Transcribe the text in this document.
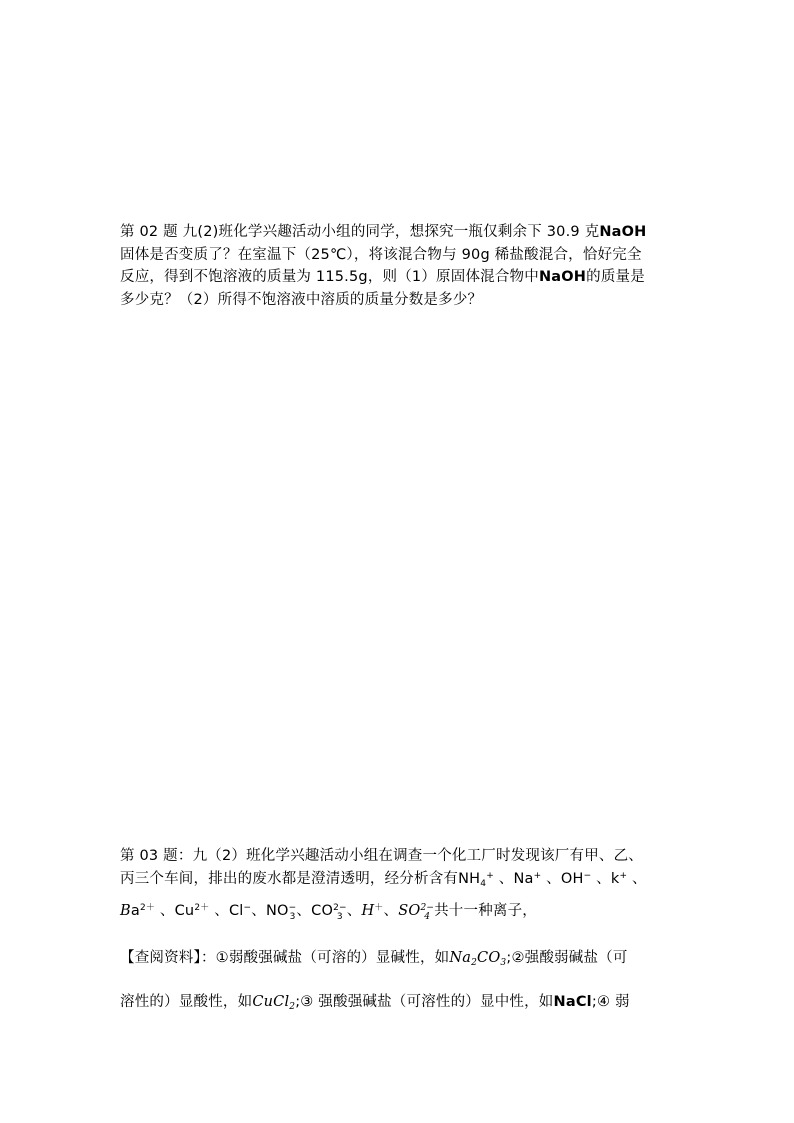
第 02 题 九(2)班化学兴趣活动小组的同学，想探究一瓶仅剩余下 30.9 克NaOH
固体是否变质了？在室温下（25℃），将该混合物与 90g 稀盐酸混合，恰好完全
反应，得到不饱溶液的质量为 115.5g，则（1）原固体混合物中NaOH的质量是
多少克？（2）所得不饱溶液中溶质的质量分数是多少？
第 03 题：九（2）班化学兴趣活动小组在调查一个化工厂时发现该厂有甲、乙、
丙三个车间，排出的废水都是澄清透明，经分析含有$NH_4^+$ 、Na+ 、OH− 、k+ 、
$Ba^{2+}$ 、$Cu^{2+}$ 、Cl−、NO −
3 、CO 2−
3 、H＋、SO 2−
4 共十一种离子，
【查阅资料】：①弱酸强碱盐（可溶的）显碱性，如$Na_2CO_3;②$强酸弱碱盐（可
溶性的）显酸性，如CuCl$_2$;③ 强酸强碱盐（可溶性的）显中性，如NaCl;④ 弱
